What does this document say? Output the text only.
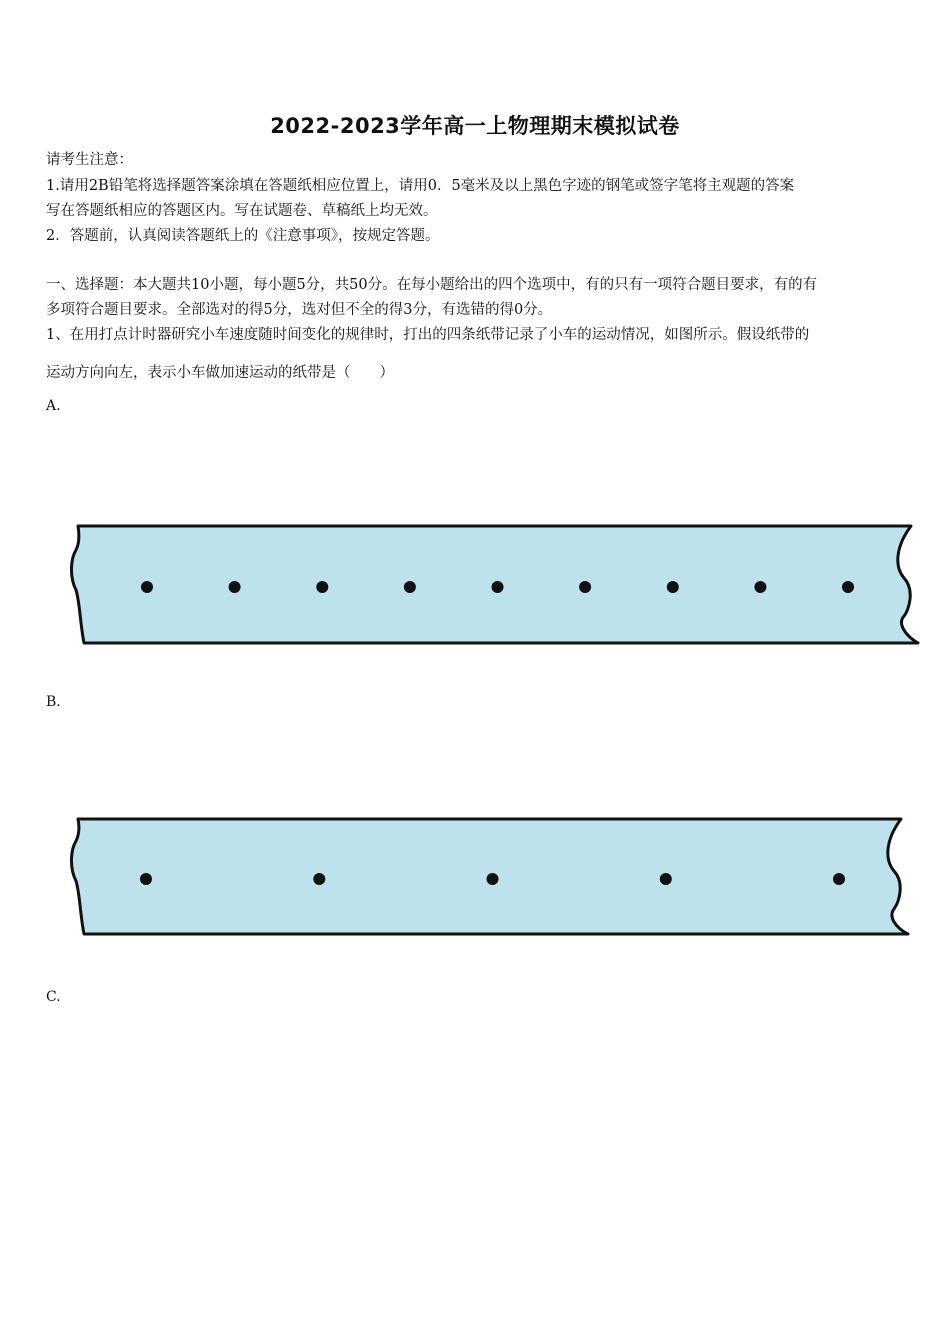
2022-2023学年高一上物理期末模拟试卷
请考生注意：
1.请用2B铅笔将选择题答案涂填在答题纸相应位置上，请用0．5毫米及以上黑色字迹的钢笔或签字笔将主观题的答案
写在答题纸相应的答题区内。写在试题卷、草稿纸上均无效。
2．答题前，认真阅读答题纸上的《注意事项》，按规定答题。
一、选择题：本大题共10小题，每小题5分，共50分。在每小题给出的四个选项中，有的只有一项符合题目要求，有的有
多项符合题目要求。全部选对的得5分，选对但不全的得3分，有选错的得0分。
1、在用打点计时器研究小车速度随时间变化的规律时，打出的四条纸带记录了小车的运动情况，如图所示。假设纸带的
运动方向向左，表示小车做加速运动的纸带是（　　）
A.
B.
C.
